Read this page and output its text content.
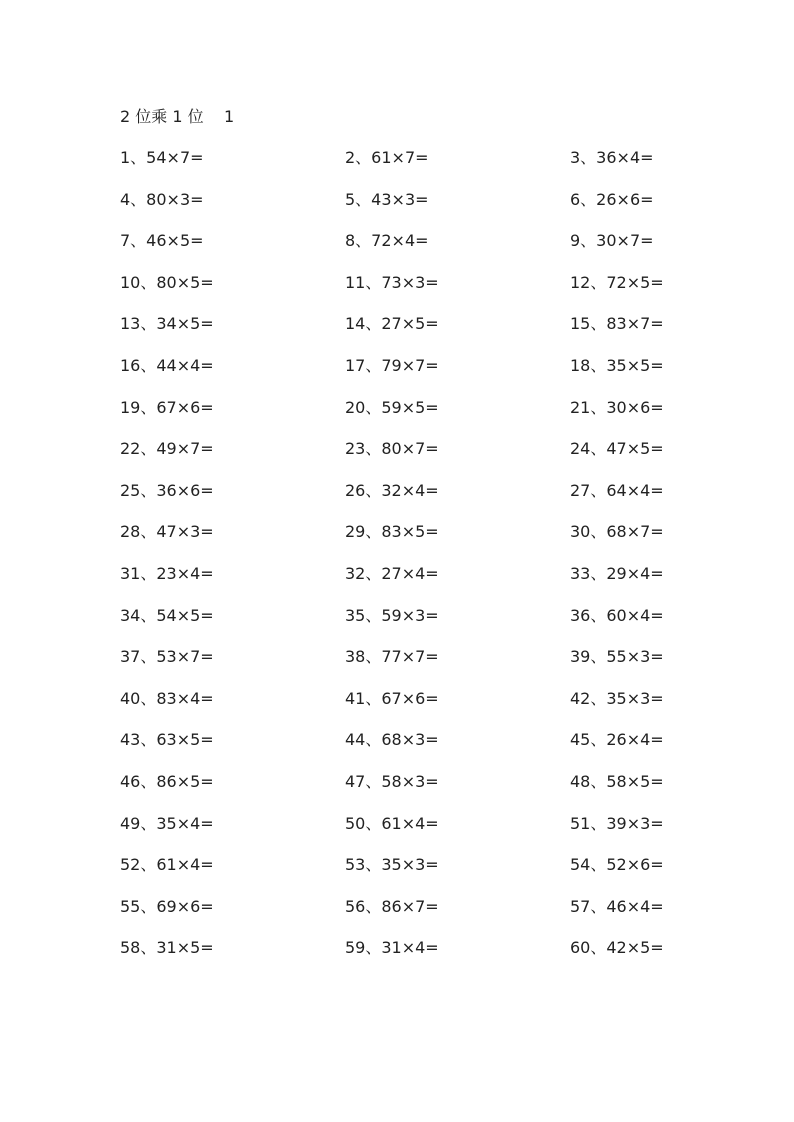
2 位乘 1 位    1
1、54×7=	2、61×7=	3、36×4=
4、80×3=	5、43×3=	6、26×6=
7、46×5=	8、72×4=	9、30×7=
10、80×5=	11、73×3=	12、72×5=
13、34×5=	14、27×5=	15、83×7=
16、44×4=	17、79×7=	18、35×5=
19、67×6=	20、59×5=	21、30×6=
22、49×7=	23、80×7=	24、47×5=
25、36×6=	26、32×4=	27、64×4=
28、47×3=	29、83×5=	30、68×7=
31、23×4=	32、27×4=	33、29×4=
34、54×5=	35、59×3=	36、60×4=
37、53×7=	38、77×7=	39、55×3=
40、83×4=	41、67×6=	42、35×3=
43、63×5=	44、68×3=	45、26×4=
46、86×5=	47、58×3=	48、58×5=
49、35×4=	50、61×4=	51、39×3=
52、61×4=	53、35×3=	54、52×6=
55、69×6=	56、86×7=	57、46×4=
58、31×5=	59、31×4=	60、42×5=
